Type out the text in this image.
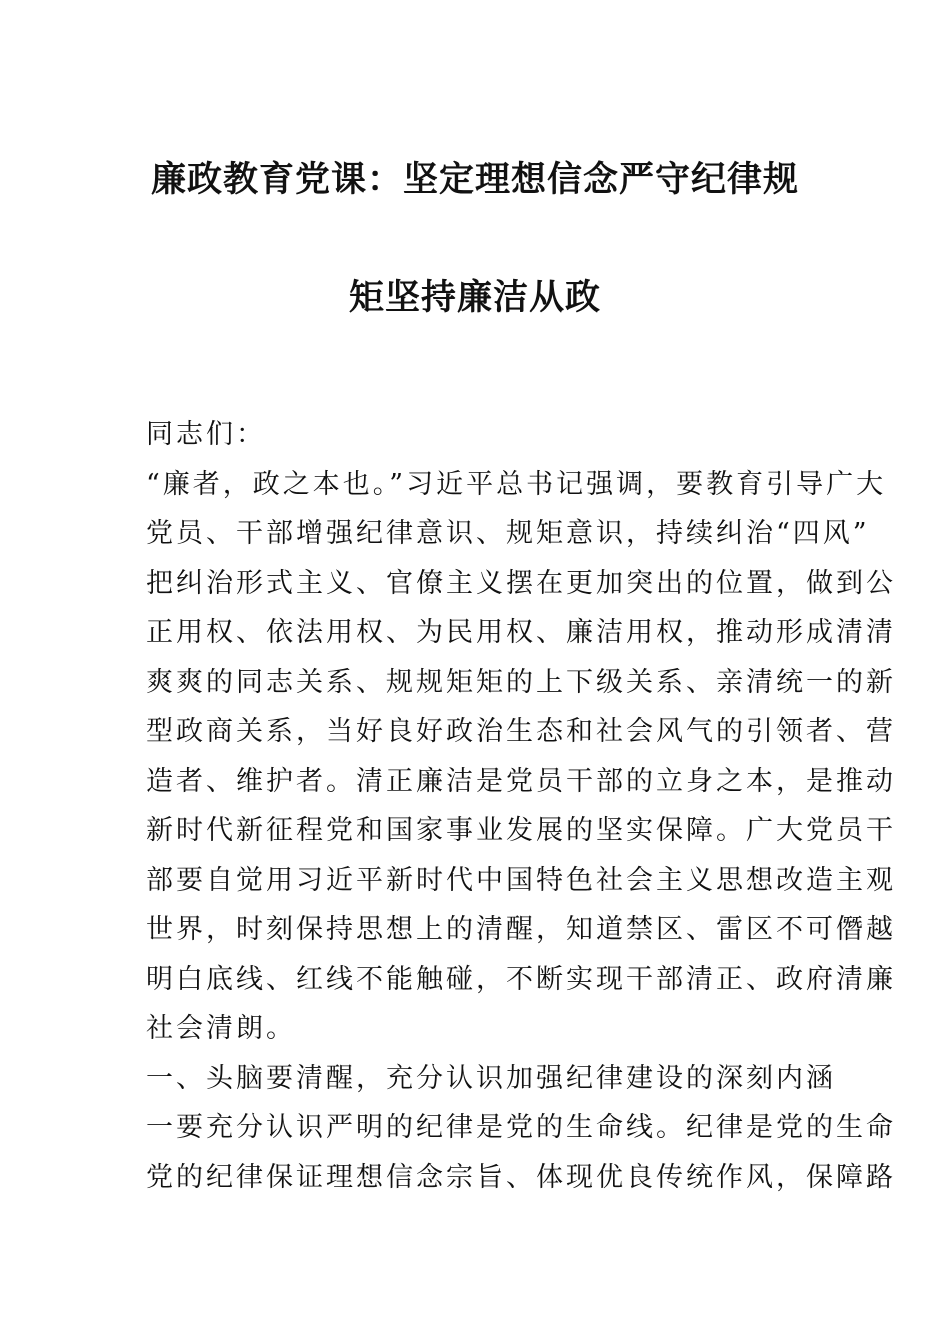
廉政教育党课：坚定理想信念严守纪律规
矩坚持廉洁从政
同志们：
“廉者，政之本也。”习近平总书记强调，要教育引导广大
党员、干部增强纪律意识、规矩意识，持续纠治“四风”
把纠治形式主义、官僚主义摆在更加突出的位置，做到公
正用权、依法用权、为民用权、廉洁用权，推动形成清清
爽爽的同志关系、规规矩矩的上下级关系、亲清统一的新
型政商关系，当好良好政治生态和社会风气的引领者、营
造者、维护者。清正廉洁是党员干部的立身之本，是推动
新时代新征程党和国家事业发展的坚实保障。广大党员干
部要自觉用习近平新时代中国特色社会主义思想改造主观
世界，时刻保持思想上的清醒，知道禁区、雷区不可僭越
明白底线、红线不能触碰，不断实现干部清正、政府清廉
社会清朗。
一、头脑要清醒，充分认识加强纪律建设的深刻内涵
一要充分认识严明的纪律是党的生命线。纪律是党的生命
党的纪律保证理想信念宗旨、体现优良传统作风，保障路
